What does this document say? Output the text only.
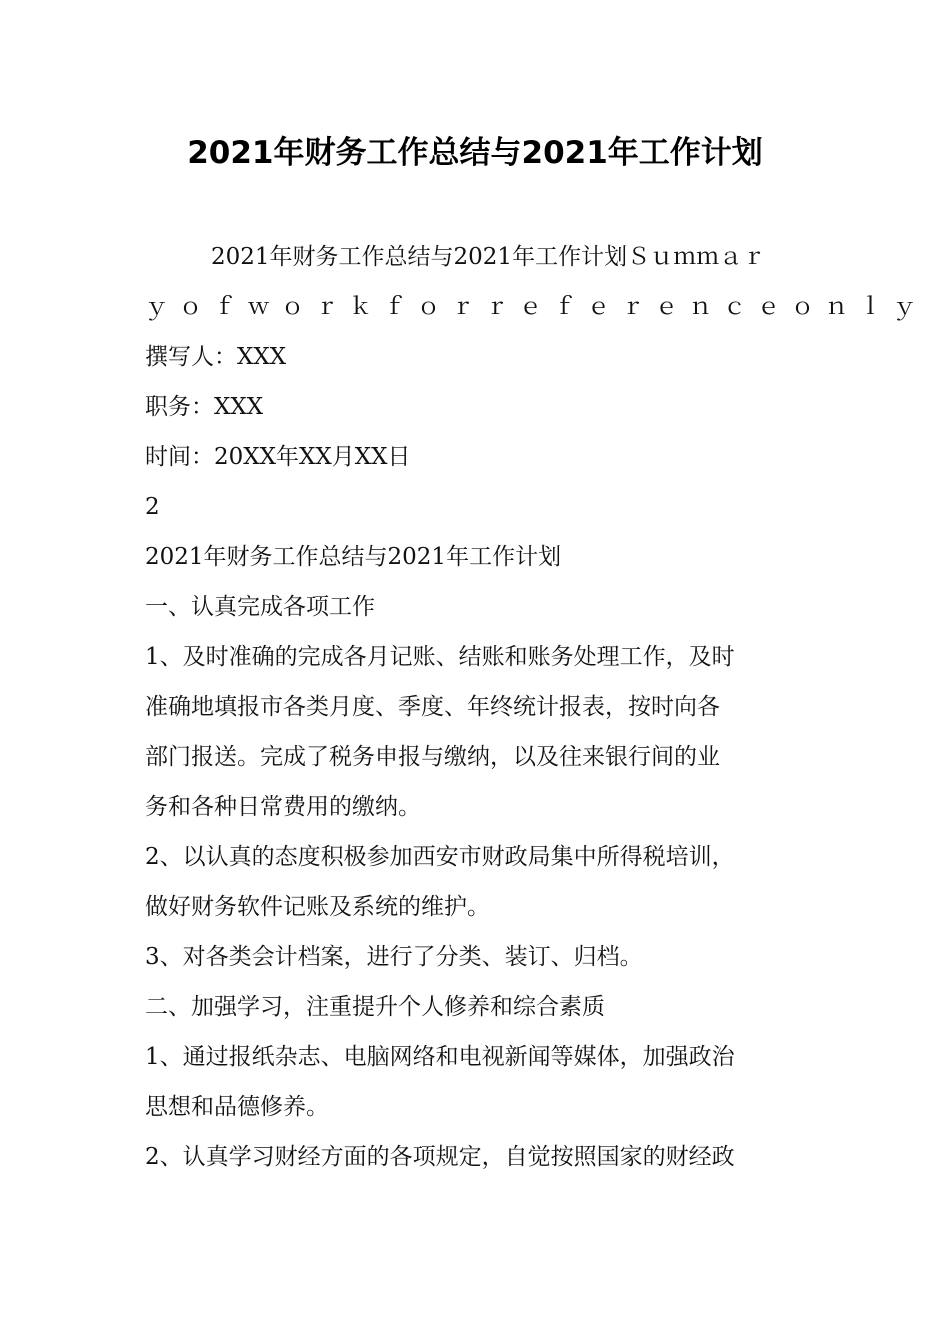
2021年财务工作总结与2021年工作计划
2021年财务工作总结与2021年工作计划Ｓｕｍｍａｒ
ｙｏｆｗｏｒｋｆｏｒｒｅｆｅｒｅｎｃｅｏｎｌｙ
撰写人：XXX
职务：XXX
时间：20XX年XX月XX日
2
2021年财务工作总结与2021年工作计划
一、认真完成各项工作
1、及时准确的完成各月记账、结账和账务处理工作，及时
准确地填报市各类月度、季度、年终统计报表，按时向各
部门报送。完成了税务申报与缴纳，以及往来银行间的业
务和各种日常费用的缴纳。
2、以认真的态度积极参加西安市财政局集中所得税培训，
做好财务软件记账及系统的维护。
3、对各类会计档案，进行了分类、装订、归档。
二、加强学习，注重提升个人修养和综合素质
1、通过报纸杂志、电脑网络和电视新闻等媒体，加强政治
思想和品德修养。
2、认真学习财经方面的各项规定，自觉按照国家的财经政
